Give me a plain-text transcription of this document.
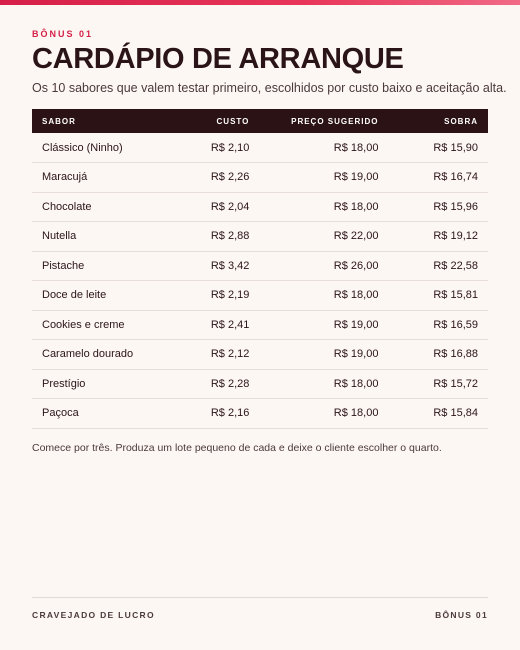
BÔNUS 01
CARDÁPIO DE ARRANQUE

Os 10 sabores que valem testar primeiro, escolhidos por custo baixo e aceitação alta.

SABOR	CUSTO	PREÇO SUGERIDO	SOBRA
Clássico (Ninho)	R$ 2,10	R$ 18,00	R$ 15,90
Maracujá	R$ 2,26	R$ 19,00	R$ 16,74
Chocolate	R$ 2,04	R$ 18,00	R$ 15,96
Nutella	R$ 2,88	R$ 22,00	R$ 19,12
Pistache	R$ 3,42	R$ 26,00	R$ 22,58
Doce de leite	R$ 2,19	R$ 18,00	R$ 15,81
Cookies e creme	R$ 2,41	R$ 19,00	R$ 16,59
Caramelo dourado	R$ 2,12	R$ 19,00	R$ 16,88
Prestígio	R$ 2,28	R$ 18,00	R$ 15,72
Paçoca	R$ 2,16	R$ 18,00	R$ 15,84

Comece por três. Produza um lote pequeno de cada e deixe o cliente escolher o quarto.

CRAVEJADO DE LUCRO	BÔNUS 01
